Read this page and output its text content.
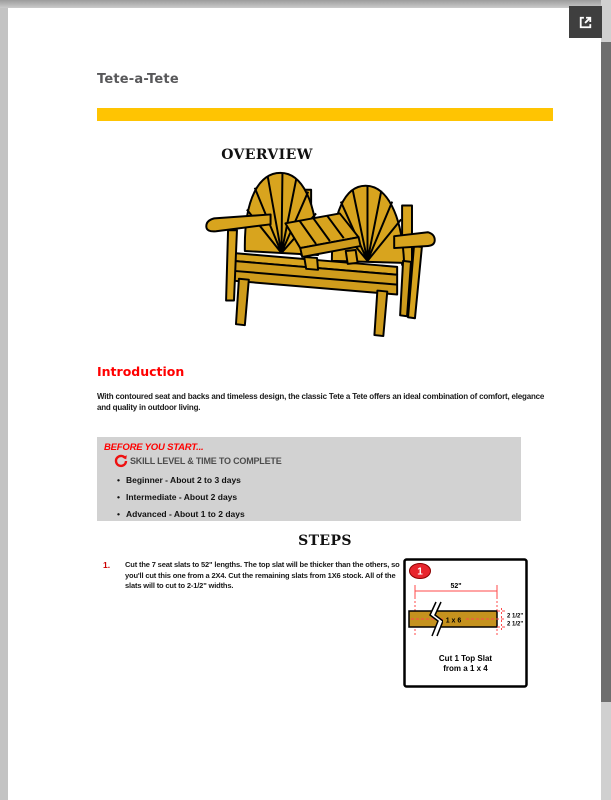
Tete-a-Tete
OVERVIEW
Introduction
With contoured seat and backs and timeless design, the classic Tete a Tete offers an ideal combination of comfort, elegance and quality in outdoor living.
BEFORE YOU START...
SKILL LEVEL & TIME TO COMPLETE
• Beginner - About 2 to 3 days
• Intermediate - About 2 days
• Advanced - About 1 to 2 days
STEPS
1. Cut the 7 seat slats to 52" lengths. The top slat will be thicker than the others, so you'll cut this one from a 2X4. Cut the remaining slats from 1X6 stock. All of the slats will to cut to 2-1/2" widths.
1
52"
1 x 6
2 1/2"
2 1/2"
Cut 1 Top Slat
from a 1 x 4
